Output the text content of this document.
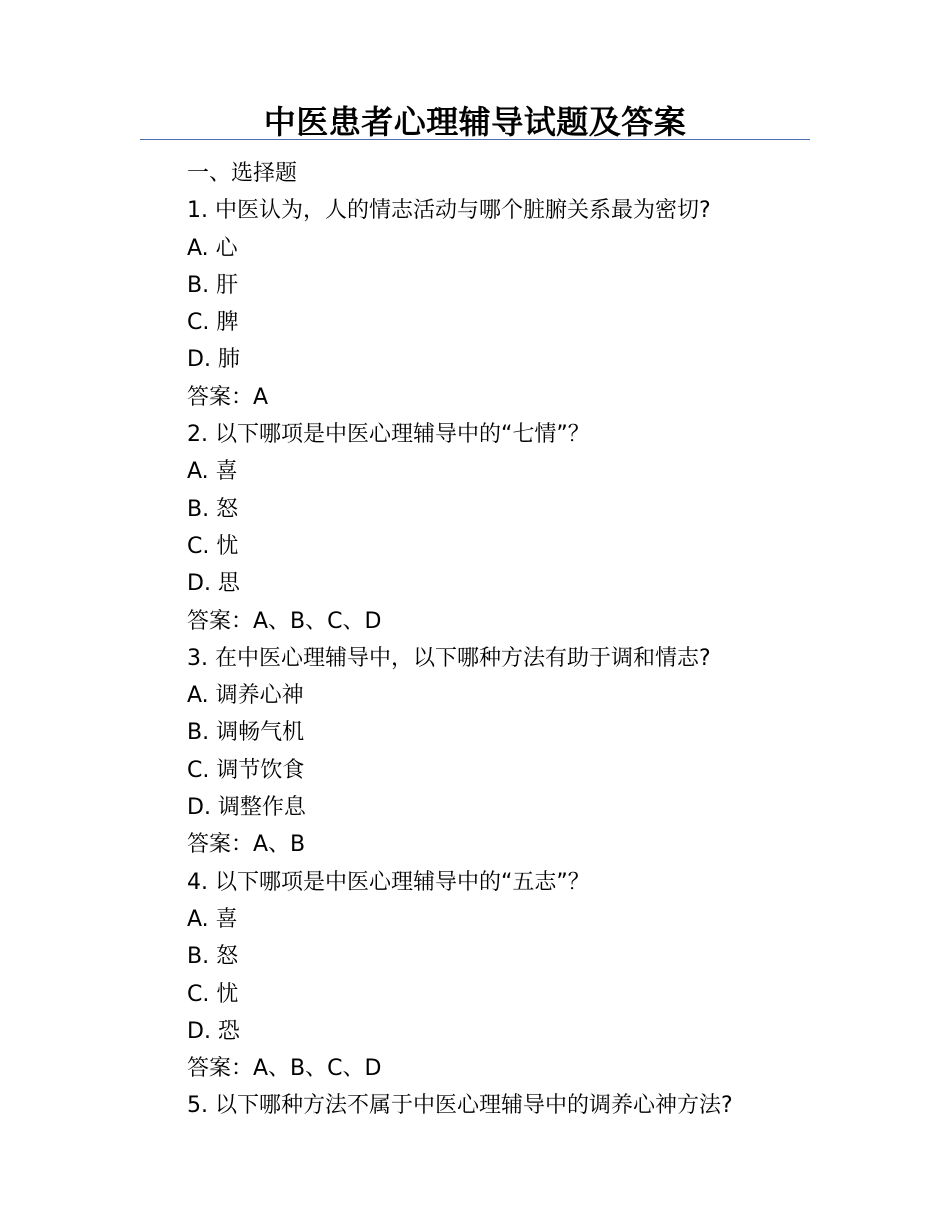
中医患者心理辅导试题及答案
一、选择题
1. 中医认为，人的情志活动与哪个脏腑关系最为密切?
A. 心
B. 肝
C. 脾
D. 肺
答案：A
2. 以下哪项是中医心理辅导中的“七情”？
A. 喜
B. 怒
C. 忧
D. 思
答案：A、B、C、D
3. 在中医心理辅导中，以下哪种方法有助于调和情志?
A. 调养心神
B. 调畅气机
C. 调节饮食
D. 调整作息
答案：A、B
4. 以下哪项是中医心理辅导中的“五志”？
A. 喜
B. 怒
C. 忧
D. 恐
答案：A、B、C、D
5. 以下哪种方法不属于中医心理辅导中的调养心神方法?
